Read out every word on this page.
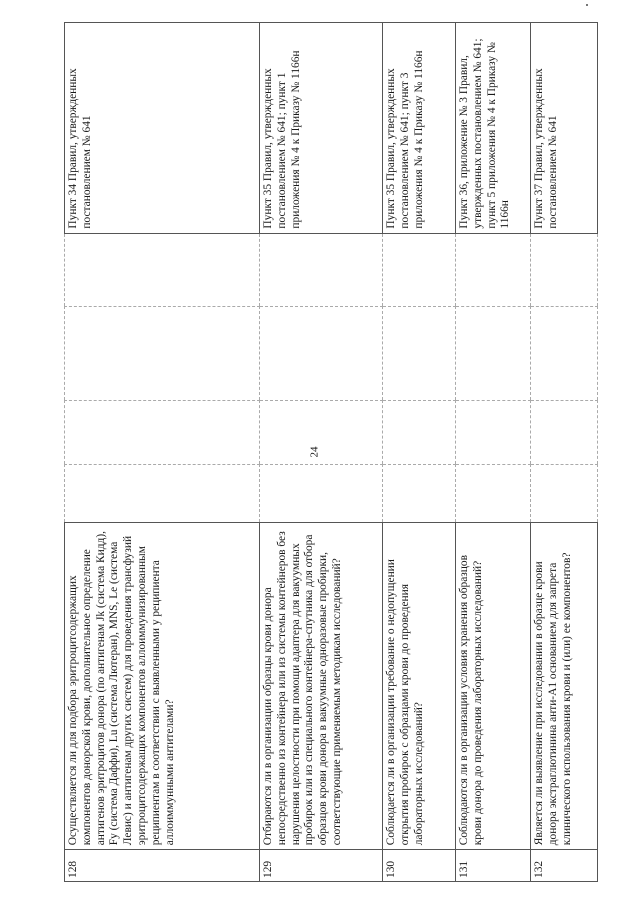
24
128	Осуществляется ли для подбора эритроцитсодержащих компонентов донорской крови, дополнительное определение антигенов эритроцитов донора (по антигенам Jk (система Кидд), Fy (система Даффи), Lu (система Лютеран), MNS, Le (система Левис) и антигенам других систем) для проведения трансфузий эритроцитсодержащих компонентов аллоиммунизированным реципиентам в соответствии с выявленными у реципиента аллоиммунными антителами?					Пункт 34 Правил, утвержденных постановлением № 641
129	Отбираются ли в организации образцы крови донора непосредственно из контейнера или из системы контейнеров без нарушения целостности при помощи адаптера для вакуумных пробирок или из специального контейнера-спутника для отбора образцов крови донора в вакуумные одноразовые пробирки, соответствующие применяемым методикам исследований?					Пункт 35 Правил, утвержденных постановлением № 641; пункт 1 приложения № 4 к Приказу № 1166н
130	Соблюдается ли в организации требование о недопущении открытия пробирок с образцами крови до проведения лабораторных исследований?					Пункт 35 Правил, утвержденных постановлением № 641; пункт 3 приложения № 4 к Приказу № 1166н
131	Соблюдаются ли в организации условия хранения образцов крови донора до проведения лабораторных исследований?					Пункт 36, приложение № 3 Правил, утвержденных постановлением № 641; пункт 5 приложения № 4 к Приказу № 1166н
132	Является ли выявление при исследовании в образце крови донора экстраглютинина анти-A1 основанием для запрета клинического использования крови и (или) ее компонентов?					Пункт 37 Правил, утвержденных постановлением № 641
